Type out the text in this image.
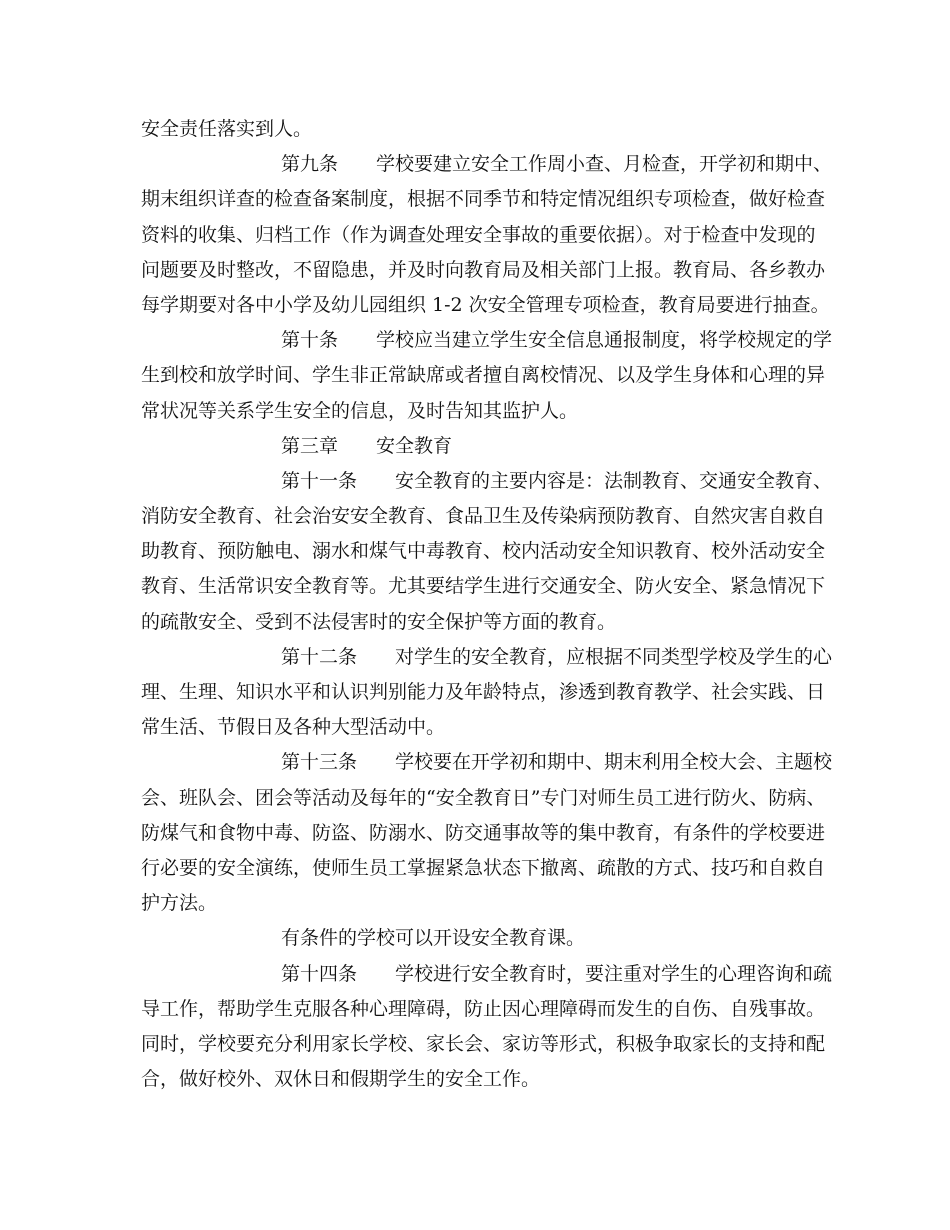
安全责任落实到人。
第九条　　学校要建立安全工作周小查、月检查，开学初和期中、
期末组织详查的检查备案制度，根据不同季节和特定情况组织专项检查，做好检查
资料的收集、归档工作（作为调查处理安全事故的重要依据）。对于检查中发现的
问题要及时整改，不留隐患，并及时向教育局及相关部门上报。教育局、各乡教办
每学期要对各中小学及幼儿园组织 1-2 次安全管理专项检查，教育局要进行抽查。
第十条　　学校应当建立学生安全信息通报制度，将学校规定的学
生到校和放学时间、学生非正常缺席或者擅自离校情况、以及学生身体和心理的异
常状况等关系学生安全的信息，及时告知其监护人。
第三章　　安全教育
第十一条　　安全教育的主要内容是：法制教育、交通安全教育、
消防安全教育、社会治安安全教育、食品卫生及传染病预防教育、自然灾害自救自
助教育、预防触电、溺水和煤气中毒教育、校内活动安全知识教育、校外活动安全
教育、生活常识安全教育等。尤其要结学生进行交通安全、防火安全、紧急情况下
的疏散安全、受到不法侵害时的安全保护等方面的教育。
第十二条　　对学生的安全教育，应根据不同类型学校及学生的心
理、生理、知识水平和认识判别能力及年龄特点，渗透到教育教学、社会实践、日
常生活、节假日及各种大型活动中。
第十三条　　学校要在开学初和期中、期末利用全校大会、主题校
会、班队会、团会等活动及每年的“安全教育日”专门对师生员工进行防火、防病、
防煤气和食物中毒、防盗、防溺水、防交通事故等的集中教育，有条件的学校要进
行必要的安全演练，使师生员工掌握紧急状态下撤离、疏散的方式、技巧和自救自
护方法。
有条件的学校可以开设安全教育课。
第十四条　　学校进行安全教育时，要注重对学生的心理咨询和疏
导工作，帮助学生克服各种心理障碍，防止因心理障碍而发生的自伤、自残事故。
同时，学校要充分利用家长学校、家长会、家访等形式，积极争取家长的支持和配
合，做好校外、双休日和假期学生的安全工作。
